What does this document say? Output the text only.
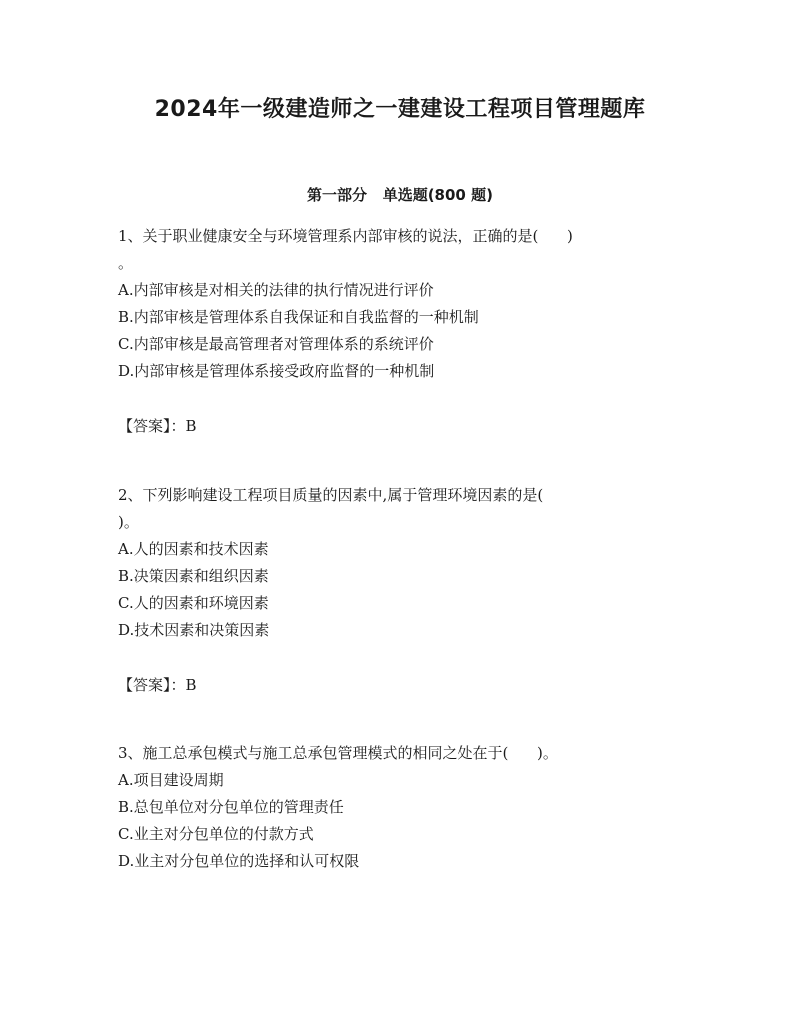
2024年一级建造师之一建建设工程项目管理题库
第一部分   单选题(800 题)
1、关于职业健康安全与环境管理系内部审核的说法，正确的是(      )
。
A.内部审核是对相关的法律的执行情况进行评价
B.内部审核是管理体系自我保证和自我监督的一种机制
C.内部审核是最高管理者对管理体系的系统评价
D.内部审核是管理体系接受政府监督的一种机制
【答案】：B
2、下列影响建设工程项目质量的因素中,属于管理环境因素的是(
)。
A.人的因素和技术因素
B.决策因素和组织因素
C.人的因素和环境因素
D.技术因素和决策因素
【答案】：B
3、施工总承包模式与施工总承包管理模式的相同之处在于(      )。
A.项目建设周期
B.总包单位对分包单位的管理责任
C.业主对分包单位的付款方式
D.业主对分包单位的选择和认可权限
